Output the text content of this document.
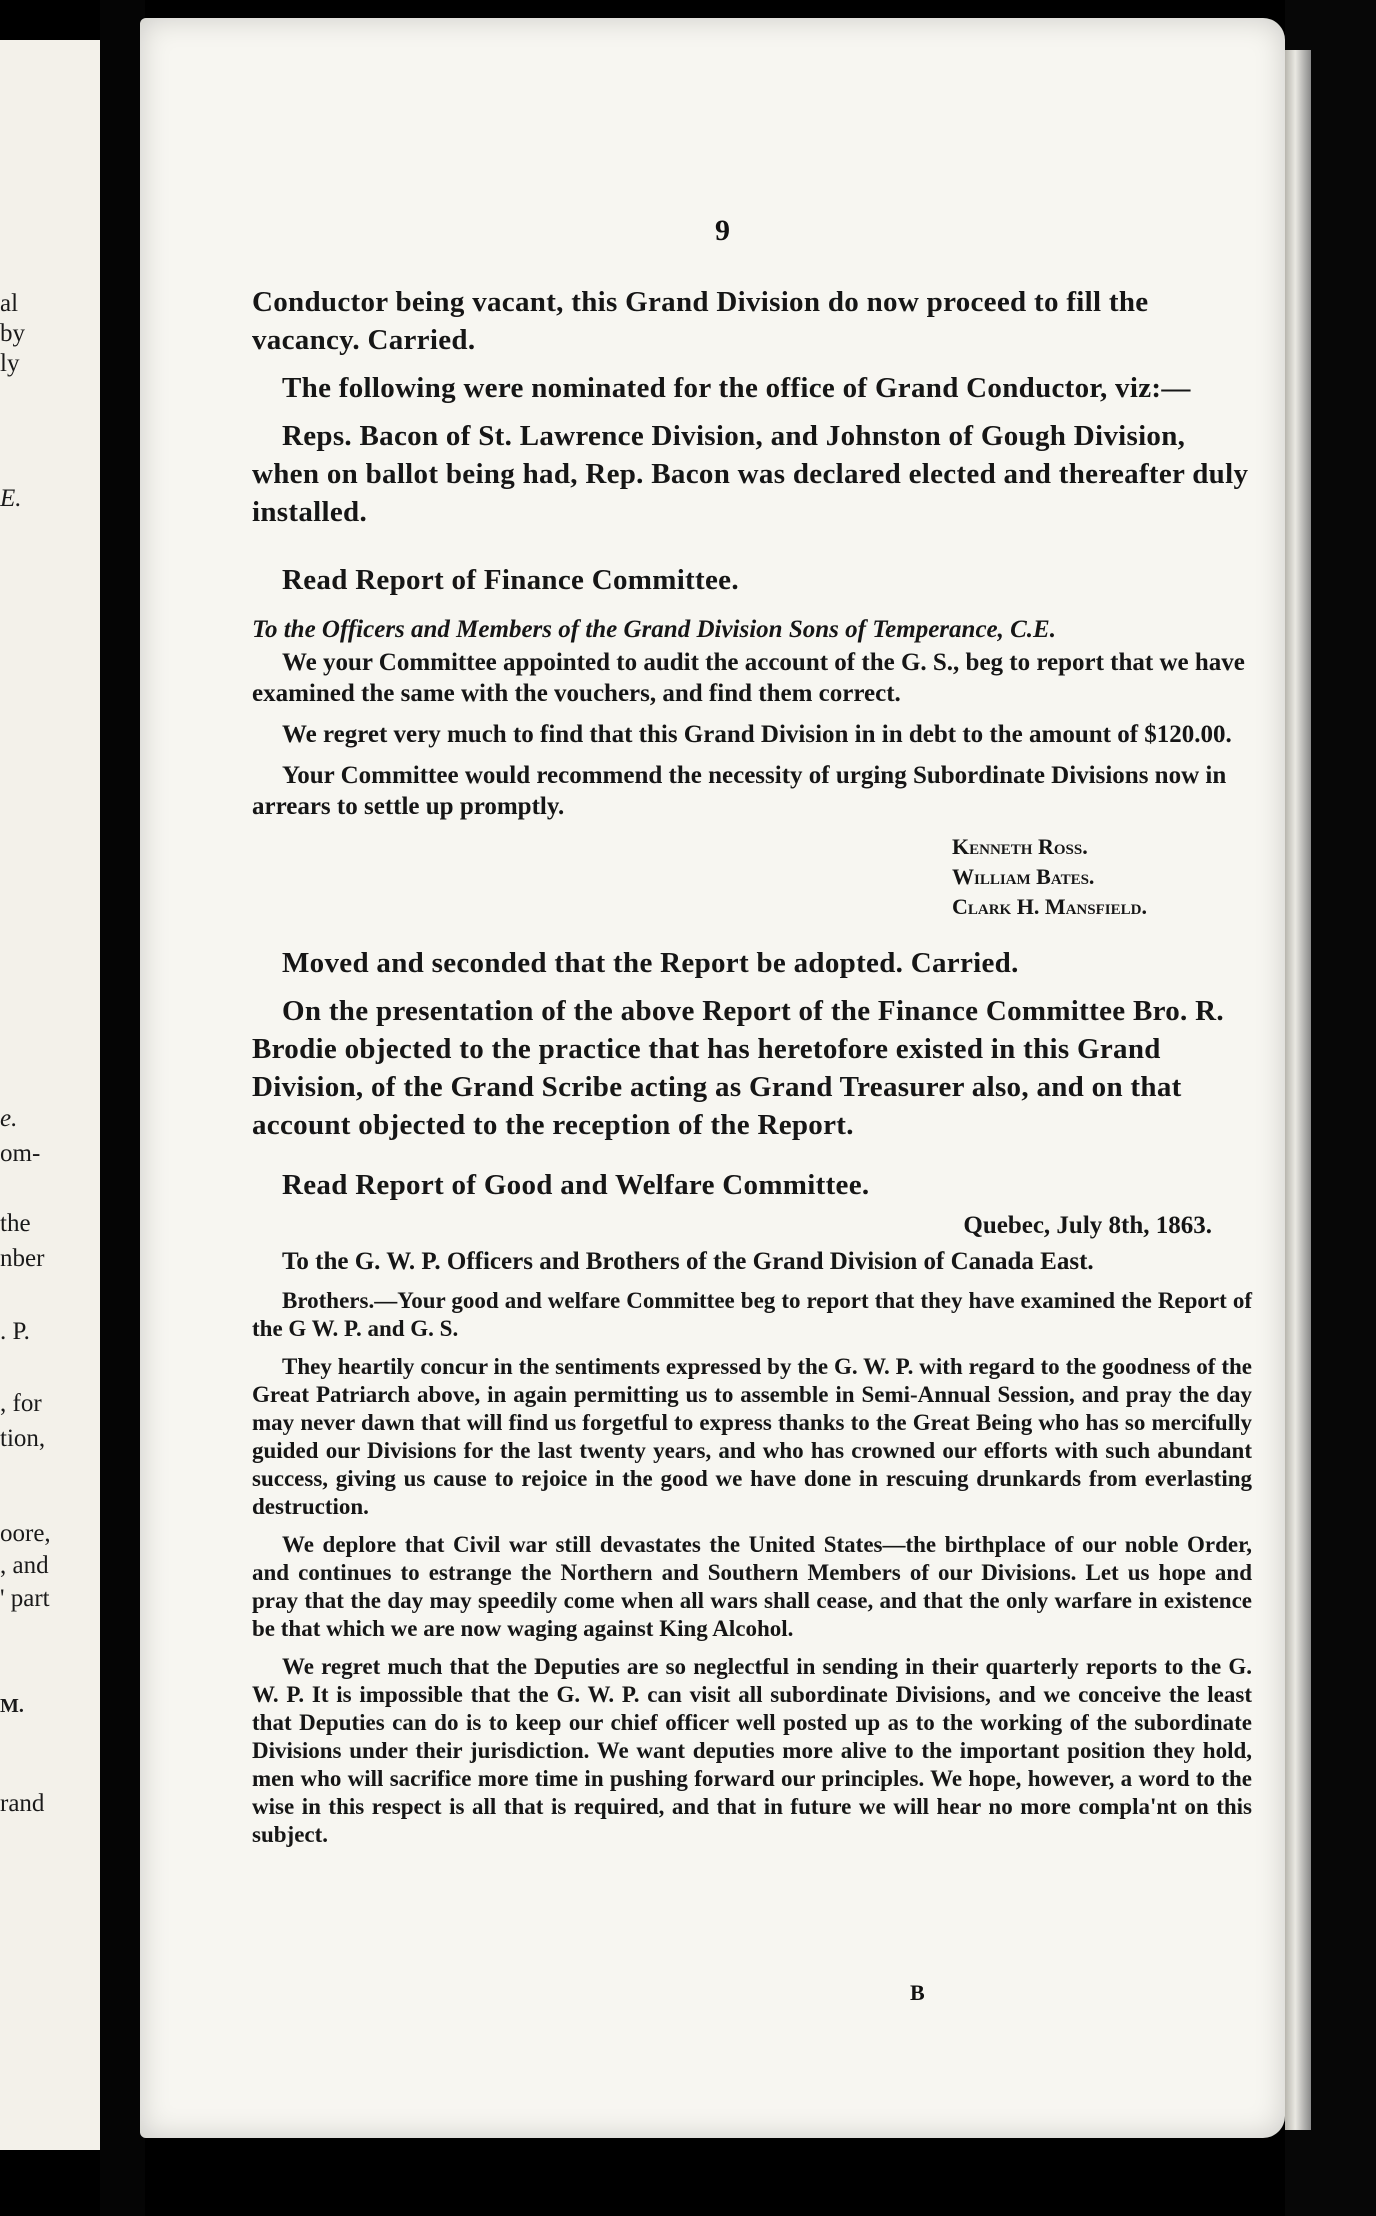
al
by
ly
E.
e.
om-
the
nber
. P.
, for
tion,
oore,
, and
' part
M.
rand
9

Conductor being vacant, this Grand Division do now proceed to fill the vacancy. Carried.

The following were nominated for the office of Grand Conductor, viz:—

Reps. Bacon of St. Lawrence Division, and Johnston of Gough Division, when on ballot being had, Rep. Bacon was declared elected and thereafter duly installed.

Read Report of Finance Committee.

To the Officers and Members of the Grand Division Sons of Temperance, C.E.

We your Committee appointed to audit the account of the G. S., beg to report that we have examined the same with the vouchers, and find them correct.

We regret very much to find that this Grand Division in in debt to the amount of $120.00.

Your Committee would recommend the necessity of urging Subordinate Divisions now in arrears to settle up promptly.

Kenneth Ross.

William Bates.

Clark H. Mansfield.

Moved and seconded that the Report be adopted. Carried.

On the presentation of the above Report of the Finance Committee Bro. R. Brodie objected to the practice that has heretofore existed in this Grand Division, of the Grand Scribe acting as Grand Treasurer also, and on that account objected to the reception of the Report.

Read Report of Good and Welfare Committee.

Quebec, July 8th, 1863.

To the G. W. P. Officers and Brothers of the Grand Division of Canada East.

Brothers.—Your good and welfare Committee beg to report that they have examined the Report of the G W. P. and G. S.

They heartily concur in the sentiments expressed by the G. W. P. with regard to the goodness of the Great Patriarch above, in again permitting us to assemble in Semi-Annual Session, and pray the day may never dawn that will find us forgetful to express thanks to the Great Being who has so mercifully guided our Divisions for the last twenty years, and who has crowned our efforts with such abundant success, giving us cause to rejoice in the good we have done in rescuing drunkards from everlasting destruction.

We deplore that Civil war still devastates the United States—the birthplace of our noble Order, and continues to estrange the Northern and Southern Members of our Divisions. Let us hope and pray that the day may speedily come when all wars shall cease, and that the only warfare in existence be that which we are now waging against King Alcohol.

We regret much that the Deputies are so neglectful in sending in their quarterly reports to the G. W. P. It is impossible that the G. W. P. can visit all subordinate Divisions, and we conceive the least that Deputies can do is to keep our chief officer well posted up as to the working of the subordinate Divisions under their jurisdiction. We want deputies more alive to the important position they hold, men who will sacrifice more time in pushing forward our principles. We hope, however, a word to the wise in this respect is all that is required, and that in future we will hear no more compla'nt on this subject.

B
